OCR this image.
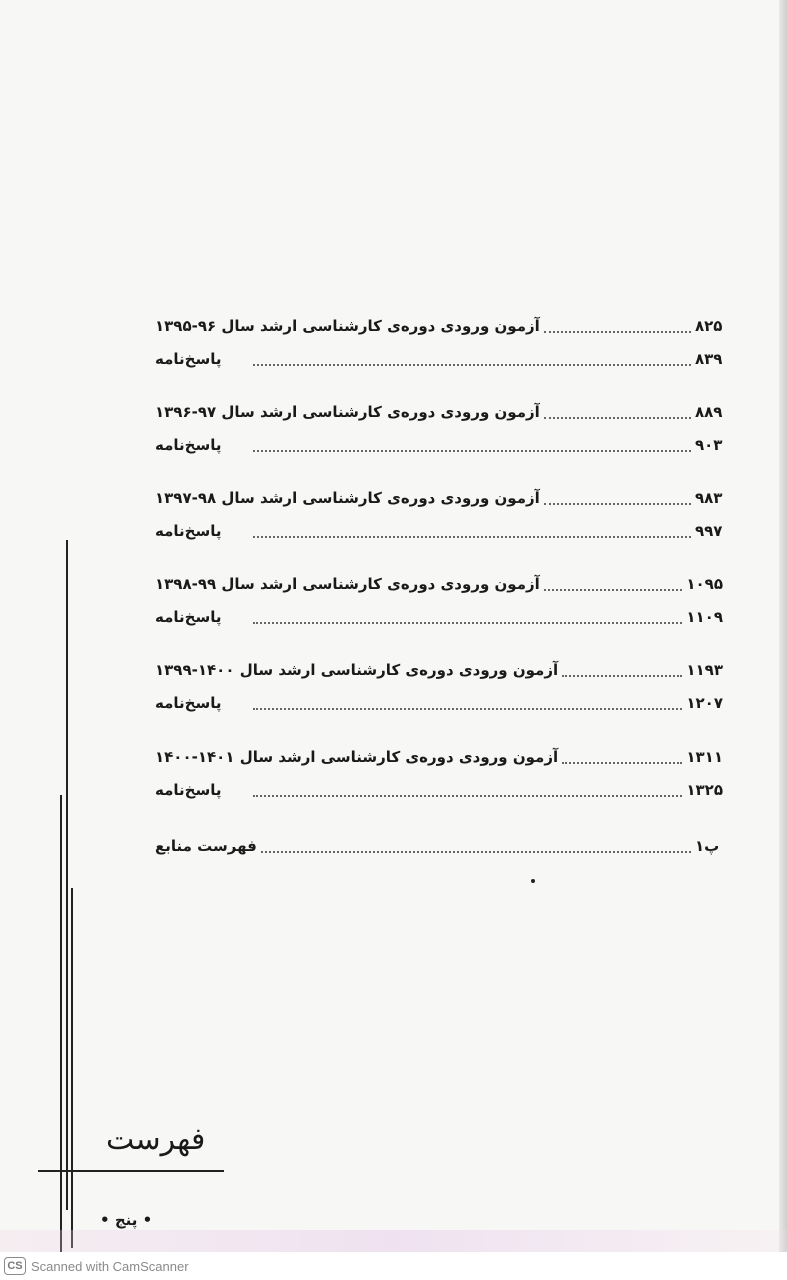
آزمون ورودی دوره‌ی کارشناسی ارشد سال ۹۶-۱۳۹۵	۸۲۵
پاسخ‌نامه	۸۳۹
آزمون ورودی دوره‌ی کارشناسی ارشد سال ۹۷-۱۳۹۶	۸۸۹
پاسخ‌نامه	۹۰۳
آزمون ورودی دوره‌ی کارشناسی ارشد سال ۹۸-۱۳۹۷	۹۸۳
پاسخ‌نامه	۹۹۷
آزمون ورودی دوره‌ی کارشناسی ارشد سال ۹۹-۱۳۹۸	۱۰۹۵
پاسخ‌نامه	۱۱۰۹
آزمون ورودی دوره‌ی کارشناسی ارشد سال ۱۴۰۰-۱۳۹۹	۱۱۹۳
پاسخ‌نامه	۱۲۰۷
آزمون ورودی دوره‌ی کارشناسی ارشد سال ۱۴۰۱-۱۴۰۰	۱۳۱۱
پاسخ‌نامه	۱۳۲۵
فهرست منابع	پ۱
فهرست
• پنج •
CS Scanned with CamScanner
